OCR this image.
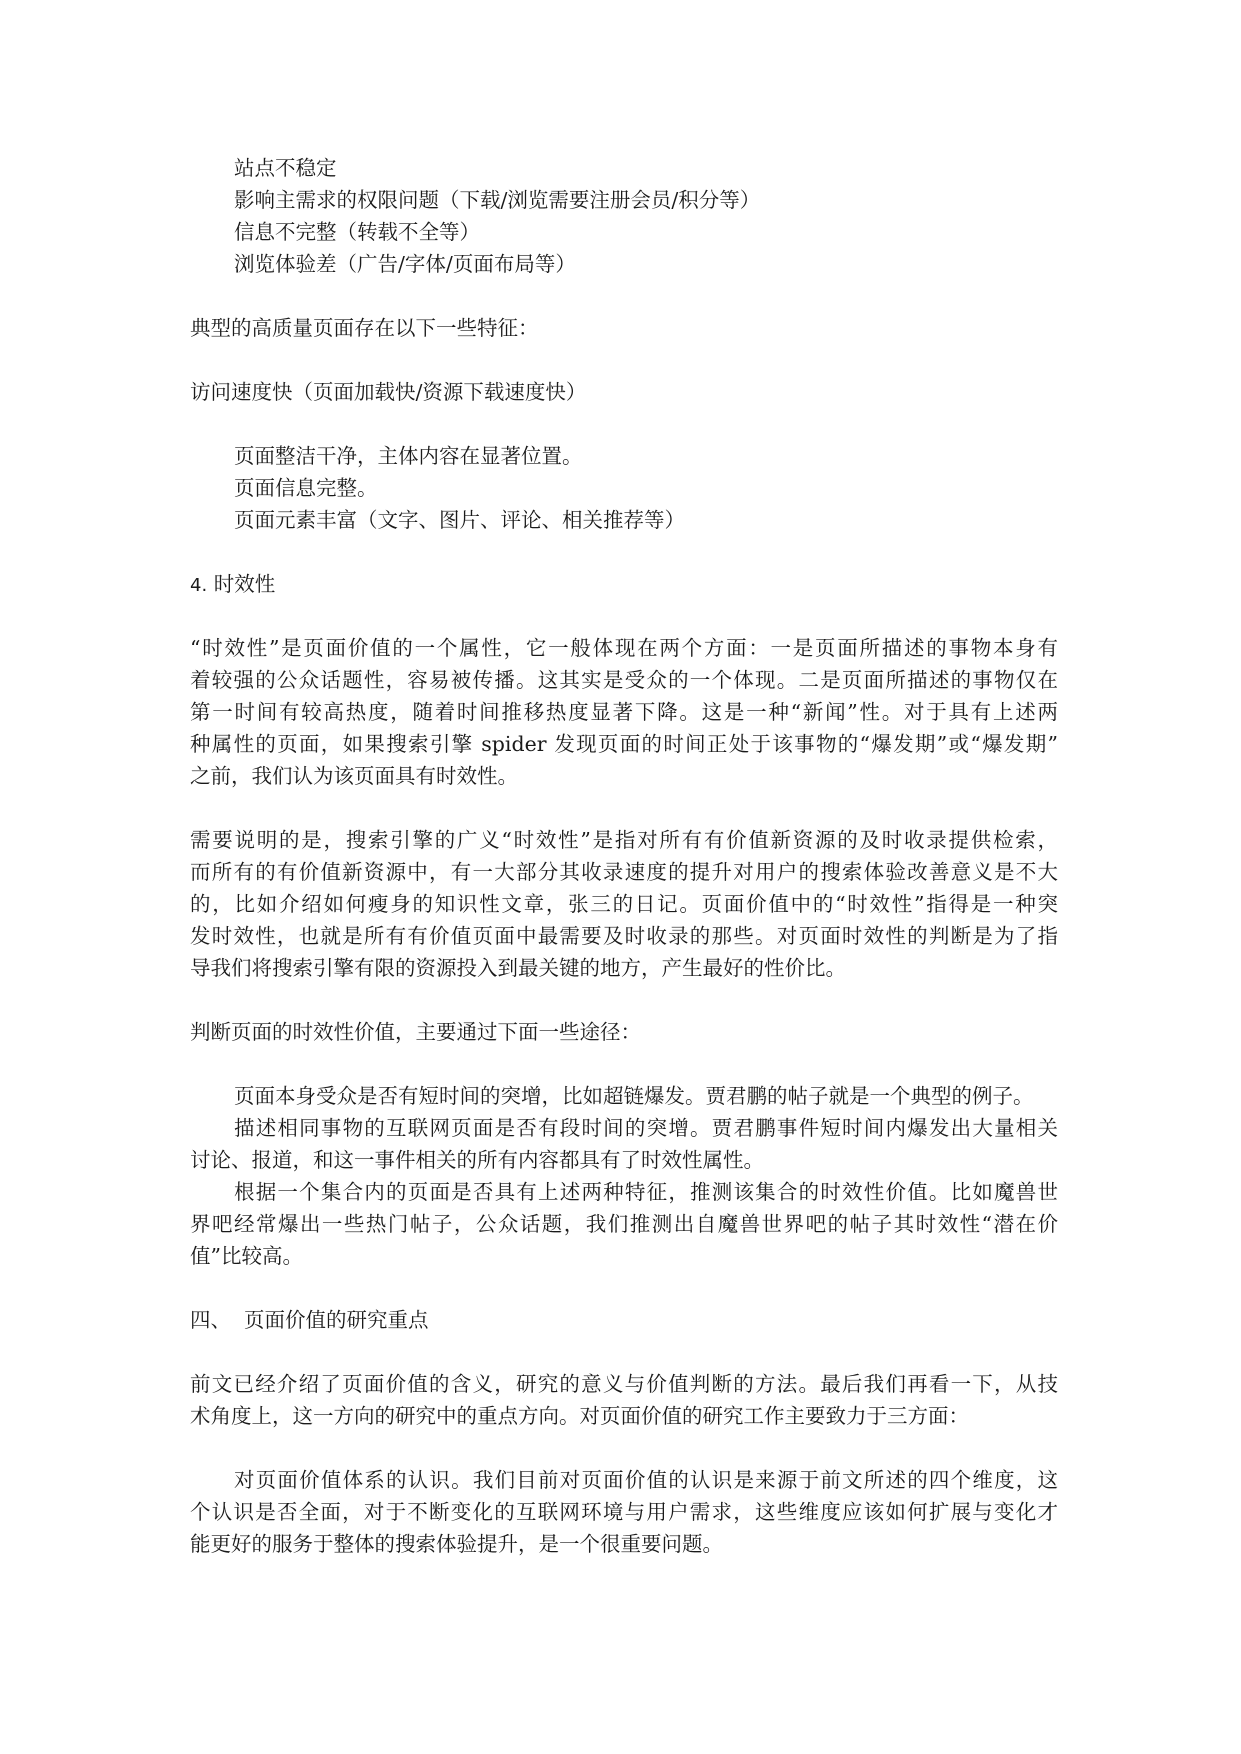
站点不稳定

影响主需求的权限问题（下载/浏览需要注册会员/积分等）

信息不完整（转载不全等）

浏览体验差（广告/字体/页面布局等）

典型的高质量页面存在以下一些特征：

访问速度快（页面加载快/资源下载速度快）

页面整洁干净，主体内容在显著位置。

页面信息完整。

页面元素丰富（文字、图片、评论、相关推荐等）

4. 时效性

“时效性”是页面价值的一个属性，它一般体现在两个方面：一是页面所描述的事物本身有

着较强的公众话题性，容易被传播。这其实是受众的一个体现。二是页面所描述的事物仅在

第一时间有较高热度，随着时间推移热度显著下降。这是一种“新闻”性。对于具有上述两

种属性的页面，如果搜索引擎 spider 发现页面的时间正处于该事物的“爆发期”或“爆发期”

之前，我们认为该页面具有时效性。

需要说明的是，搜索引擎的广义“时效性”是指对所有有价值新资源的及时收录提供检索，

而所有的有价值新资源中，有一大部分其收录速度的提升对用户的搜索体验改善意义是不大

的，比如介绍如何瘦身的知识性文章，张三的日记。页面价值中的“时效性”指得是一种突

发时效性，也就是所有有价值页面中最需要及时收录的那些。对页面时效性的判断是为了指

导我们将搜索引擎有限的资源投入到最关键的地方，产生最好的性价比。

判断页面的时效性价值，主要通过下面一些途径：

页面本身受众是否有短时间的突增，比如超链爆发。贾君鹏的帖子就是一个典型的例子。

描述相同事物的互联网页面是否有段时间的突增。贾君鹏事件短时间内爆发出大量相关

讨论、报道，和这一事件相关的所有内容都具有了时效性属性。

根据一个集合内的页面是否具有上述两种特征，推测该集合的时效性价值。比如魔兽世

界吧经常爆出一些热门帖子，公众话题，我们推测出自魔兽世界吧的帖子其时效性“潜在价

值”比较高。

四、 页面价值的研究重点

前文已经介绍了页面价值的含义，研究的意义与价值判断的方法。最后我们再看一下，从技

术角度上，这一方向的研究中的重点方向。对页面价值的研究工作主要致力于三方面：

对页面价值体系的认识。我们目前对页面价值的认识是来源于前文所述的四个维度，这

个认识是否全面，对于不断变化的互联网环境与用户需求，这些维度应该如何扩展与变化才

能更好的服务于整体的搜索体验提升，是一个很重要问题。
